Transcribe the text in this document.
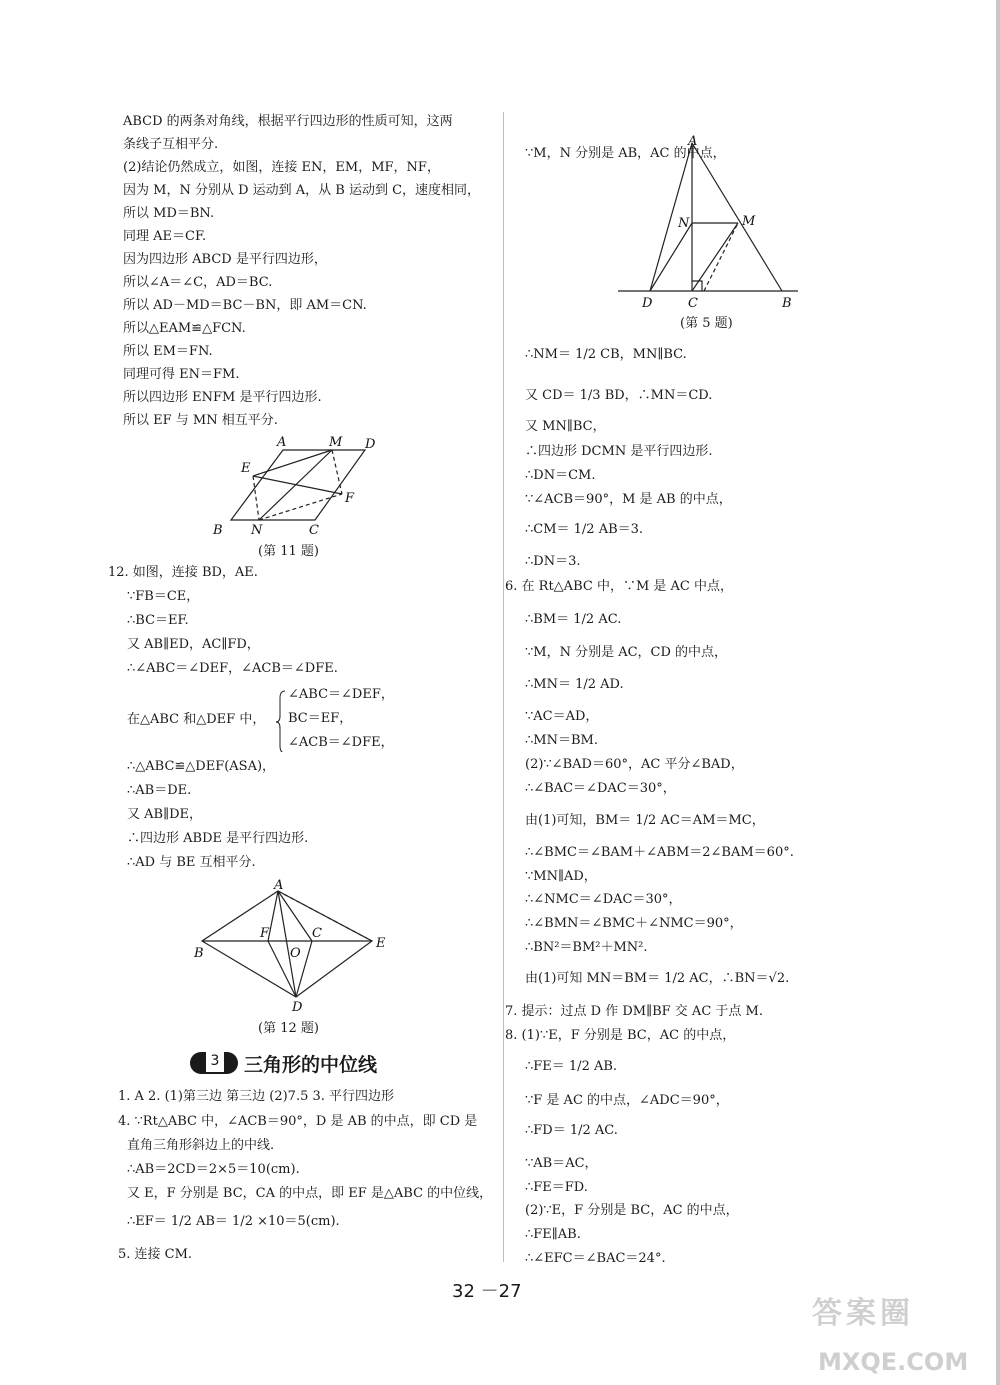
ABCD 的两条对角线，根据平行四边形的性质可知，这两
条线子互相平分.
(2)结论仍然成立，如图，连接 EN，EM，MF，NF，
因为 M，N 分别从 D 运动到 A，从 B 运动到 C，速度相同，
所以 MD＝BN.
同理 AE＝CF.
因为四边形 ABCD 是平行四边形，
所以∠A＝∠C，AD＝BC.
所以 AD－MD＝BC－BN，即 AM＝CN.
所以△EAM≌△FCN.
所以 EM＝FN.
同理可得 EN＝FM.
所以四边形 ENFM 是平行四边形.
所以 EF 与 MN 相互平分.
A	M D
E
F
B N	C
(第 11 题)
12. 如图，连接 BD，AE.
∵FB＝CE，
∴BC＝EF.
又 AB∥ED，AC∥FD，
∴∠ABC＝∠DEF，∠ACB＝∠DFE.
在△ABC 和△DEF 中，
∠ABC＝∠DEF，
BC＝EF，
∠ACB＝∠DFE，
∴△ABC≌△DEF(ASA)，
∴AB＝DE.
又 AB∥DE，
∴四边形 ABDE 是平行四边形.
∴AD 与 BE 互相平分.
A
F	C
B	O
E
D
(第 12 题)
3 三角形的中位线
1. A 2. (1)第三边 第三边 (2)7.5 3. 平行四边形
4. ∵Rt△ABC 中，∠ACB＝90°，D 是 AB 的中点，即 CD 是
直角三角形斜边上的中线.
∴AB＝2CD＝2×5＝10(cm).
又 E，F 分别是 BC，CA 的中点，即 EF 是△ABC 的中位线，
∴EF＝ 1/2 AB＝ 1/2 ×10＝5(cm).
5. 连接 CM.
∵M，N 分别是 AB，AC 的中点，
A
N	M
D	C	B
(第 5 题)
∴NM＝ 1/2 CB，MN∥BC.
又 CD＝ 1/3 BD，∴MN＝CD.
又 MN∥BC，
∴四边形 DCMN 是平行四边形.
∴DN＝CM.
∵∠ACB＝90°，M 是 AB 的中点，
∴CM＝ 1/2 AB＝3.
∴DN＝3.
6. 在 Rt△ABC 中，∵M 是 AC 中点，
∴BM＝ 1/2 AC.
∵M，N 分别是 AC，CD 的中点，
∴MN＝ 1/2 AD.
∵AC＝AD，
∴MN＝BM.
(2)∵∠BAD＝60°，AC 平分∠BAD，
∴∠BAC＝∠DAC＝30°，
由(1)可知，BM＝ 1/2 AC＝AM＝MC，
∴∠BMC＝∠BAM＋∠ABM＝2∠BAM＝60°.
∵MN∥AD，
∴∠NMC＝∠DAC＝30°，
∴∠BMN＝∠BMC＋∠NMC＝90°，
∴BN²＝BM²＋MN².
由(1)可知 MN＝BM＝ 1/2 AC，∴BN＝√2.
7. 提示：过点 D 作 DM∥BF 交 AC 于点 M.
8. (1)∵E，F 分别是 BC，AC 的中点，
∴FE＝ 1/2 AB.
∵F 是 AC 的中点，∠ADC＝90°，
∴FD＝ 1/2 AC.
∵AB＝AC，
∴FE＝FD.
(2)∵E，F 分别是 BC，AC 的中点，
∴FE∥AB.
∴∠EFC＝∠BAC＝24°.
32 －27
答案圈
MXQE.COM
